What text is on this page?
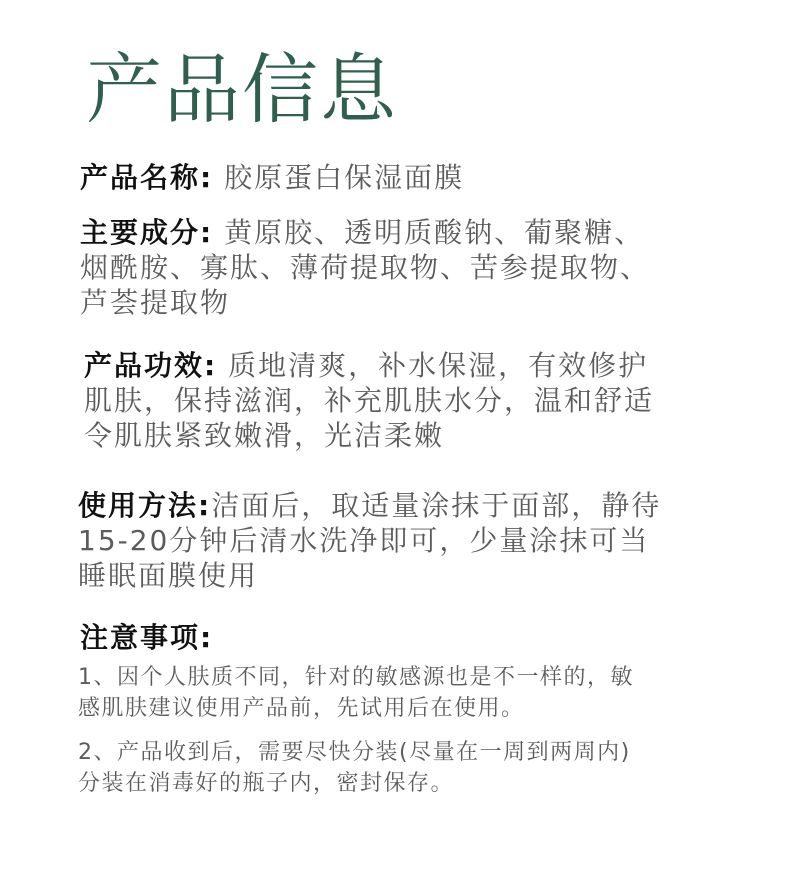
产品信息
产品名称: 胶原蛋白保湿面膜
主要成分: 黄原胶、透明质酸钠、葡聚糖、
烟酰胺、寡肽、薄荷提取物、苦参提取物、
芦荟提取物
产品功效: 质地清爽，补水保湿，有效修护
肌肤，保持滋润，补充肌肤水分，温和舒适
令肌肤紧致嫩滑，光洁柔嫩
使用方法:洁面后，取适量涂抹于面部，静待
15-20分钟后清水洗净即可，少量涂抹可当
睡眠面膜使用
注意事项:
1、因个人肤质不同，针对的敏感源也是不一样的，敏
感肌肤建议使用产品前，先试用后在使用。
2、产品收到后，需要尽快分装(尽量在一周到两周内)
分装在消毒好的瓶子内，密封保存。
